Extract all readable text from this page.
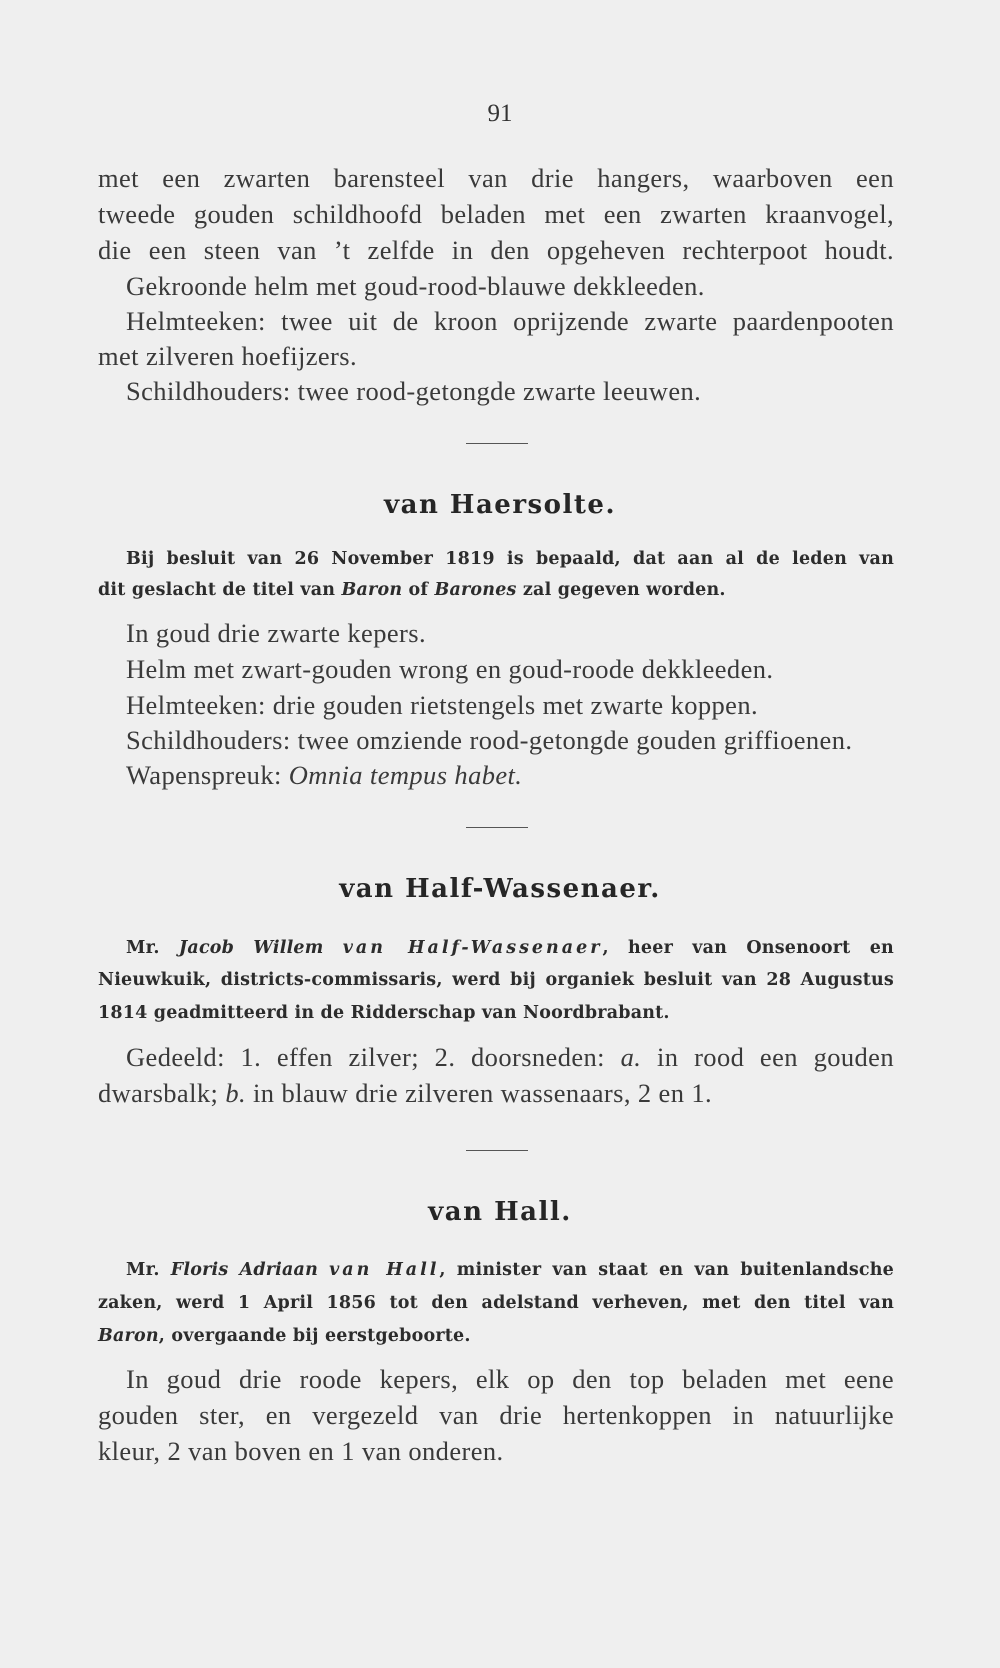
91

met een zwarten barensteel van drie hangers, waarboven een

tweede gouden schildhoofd beladen met een zwarten kraanvogel,

die een steen van ’t zelfde in den opgeheven rechterpoot houdt.

Gekroonde helm met goud-rood-blauwe dekkleeden.

Helmteeken: twee uit de kroon oprijzende zwarte paardenpooten

met zilveren hoefijzers.

Schildhouders: twee rood-getongde zwarte leeuwen.

van Haersolte.

Bij besluit van 26 November 1819 is bepaald, dat aan al de leden van

dit geslacht de titel van Baron of Barones zal gegeven worden.

In goud drie zwarte kepers.

Helm met zwart-gouden wrong en goud-roode dekkleeden.

Helmteeken: drie gouden rietstengels met zwarte koppen.

Schildhouders: twee omziende rood-getongde gouden griffioenen.

Wapenspreuk: Omnia tempus habet.

van Half-Wassenaer.

Mr. Jacob Willem van Half-Wassenaer, heer van Onsenoort en

Nieuwkuik, districts-commissaris, werd bij organiek besluit van 28 Augustus

1814 geadmitteerd in de Ridderschap van Noordbrabant.

Gedeeld: 1. effen zilver; 2. doorsneden: a. in rood een gouden

dwarsbalk; b. in blauw drie zilveren wassenaars, 2 en 1.

van Hall.

Mr. Floris Adriaan van Hall, minister van staat en van buitenlandsche

zaken, werd 1 April 1856 tot den adelstand verheven, met den titel van

Baron, overgaande bij eerstgeboorte.

In goud drie roode kepers, elk op den top beladen met eene

gouden ster, en vergezeld van drie hertenkoppen in natuurlijke

kleur, 2 van boven en 1 van onderen.
